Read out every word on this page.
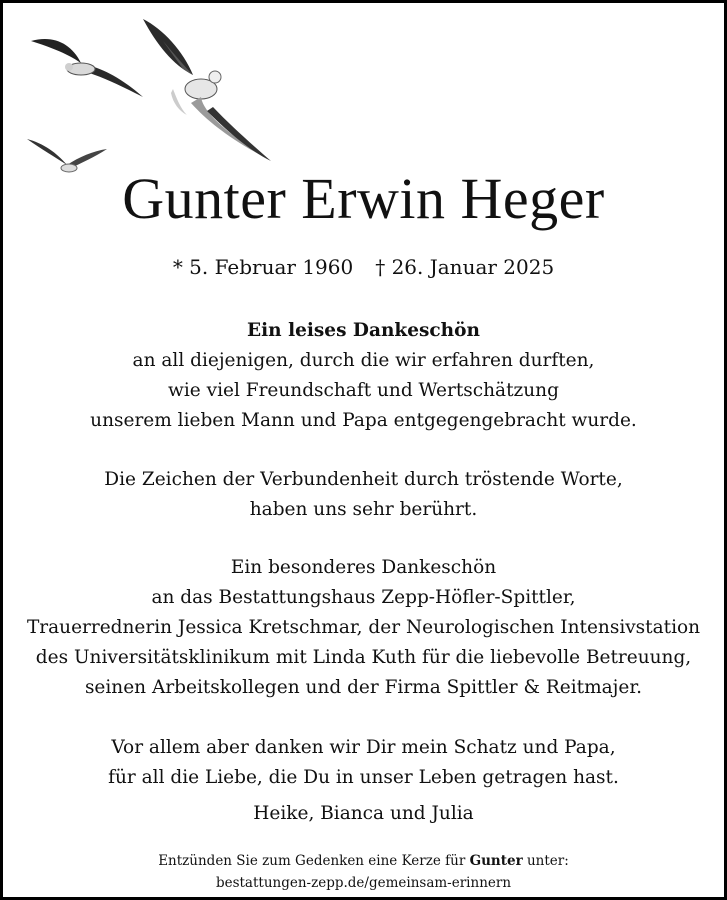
Gunter Erwin Heger
* 5. Februar 1960 † 26. Januar 2025
Ein leises Dankeschön
an all diejenigen, durch die wir erfahren durften,
wie viel Freundschaft und Wertschätzung
unserem lieben Mann und Papa entgegengebracht wurde.
Die Zeichen der Verbundenheit durch tröstende Worte,
haben uns sehr berührt.
Ein besonderes Dankeschön
an das Bestattungshaus Zepp-Höfler-Spittler,
Trauerrednerin Jessica Kretschmar, der Neurologischen Intensivstation
des Universitätsklinikum mit Linda Kuth für die liebevolle Betreuung,
seinen Arbeitskollegen und der Firma Spittler & Reitmajer.
Vor allem aber danken wir Dir mein Schatz und Papa,
für all die Liebe, die Du in unser Leben getragen hast.
Heike, Bianca und Julia
Entzünden Sie zum Gedenken eine Kerze für Gunter unter:
bestattungen-zepp.de/gemeinsam-erinnern
